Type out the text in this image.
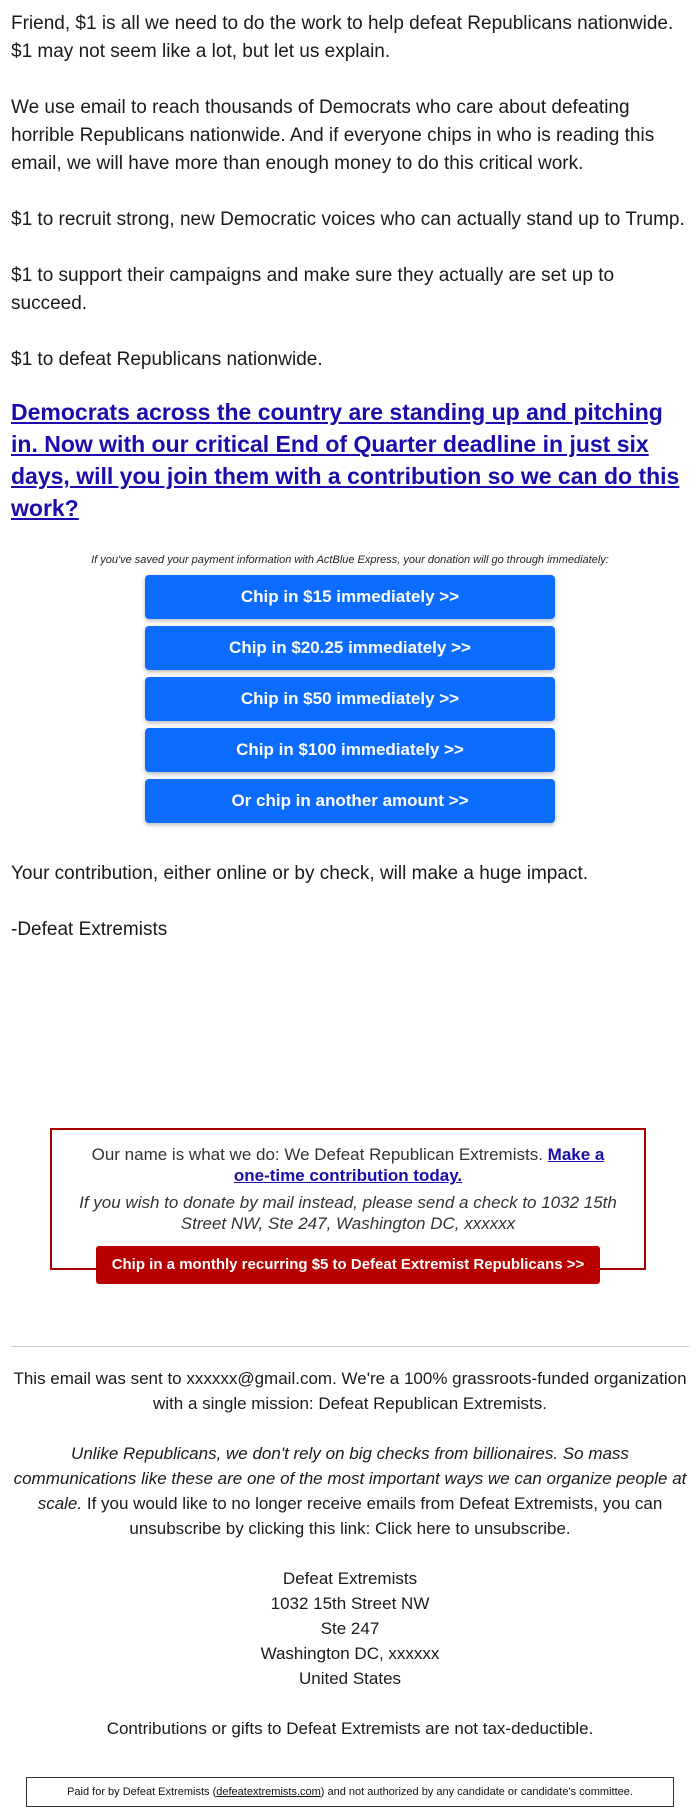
Friend, $1 is all we need to do the work to help defeat Republicans nationwide. $1 may not seem like a lot, but let us explain.

We use email to reach thousands of Democrats who care about defeating horrible Republicans nationwide. And if everyone chips in who is reading this email, we will have more than enough money to do this critical work.

$1 to recruit strong, new Democratic voices who can actually stand up to Trump.

$1 to support their campaigns and make sure they actually are set up to succeed.

$1 to defeat Republicans nationwide.

Democrats across the country are standing up and pitching in. Now with our critical End of Quarter deadline in just six days, will you join them with a contribution so we can do this work?

If you've saved your payment information with ActBlue Express, your donation will go through immediately:

Chip in $15 immediately >>
Chip in $20.25 immediately >>
Chip in $50 immediately >>
Chip in $100 immediately >>
Or chip in another amount >>

Your contribution, either online or by check, will make a huge impact.

-Defeat Extremists

Our name is what we do: We Defeat Republican Extremists. Make a one-time contribution today.

If you wish to donate by mail instead, please send a check to 1032 15th Street NW, Ste 247, Washington DC, xxxxxx

Chip in a monthly recurring $5 to Defeat Extremist Republicans >>

This email was sent to xxxxxx@gmail.com. We're a 100% grassroots-funded organization with a single mission: Defeat Republican Extremists.

Unlike Republicans, we don't rely on big checks from billionaires. So mass communications like these are one of the most important ways we can organize people at scale. If you would like to no longer receive emails from Defeat Extremists, you can unsubscribe by clicking this link: Click here to unsubscribe.

Defeat Extremists
1032 15th Street NW
Ste 247
Washington DC, xxxxxx
United States

Contributions or gifts to Defeat Extremists are not tax-deductible.

Paid for by Defeat Extremists ( defeatextremists.com ) and not authorized by any candidate or candidate's committee.
